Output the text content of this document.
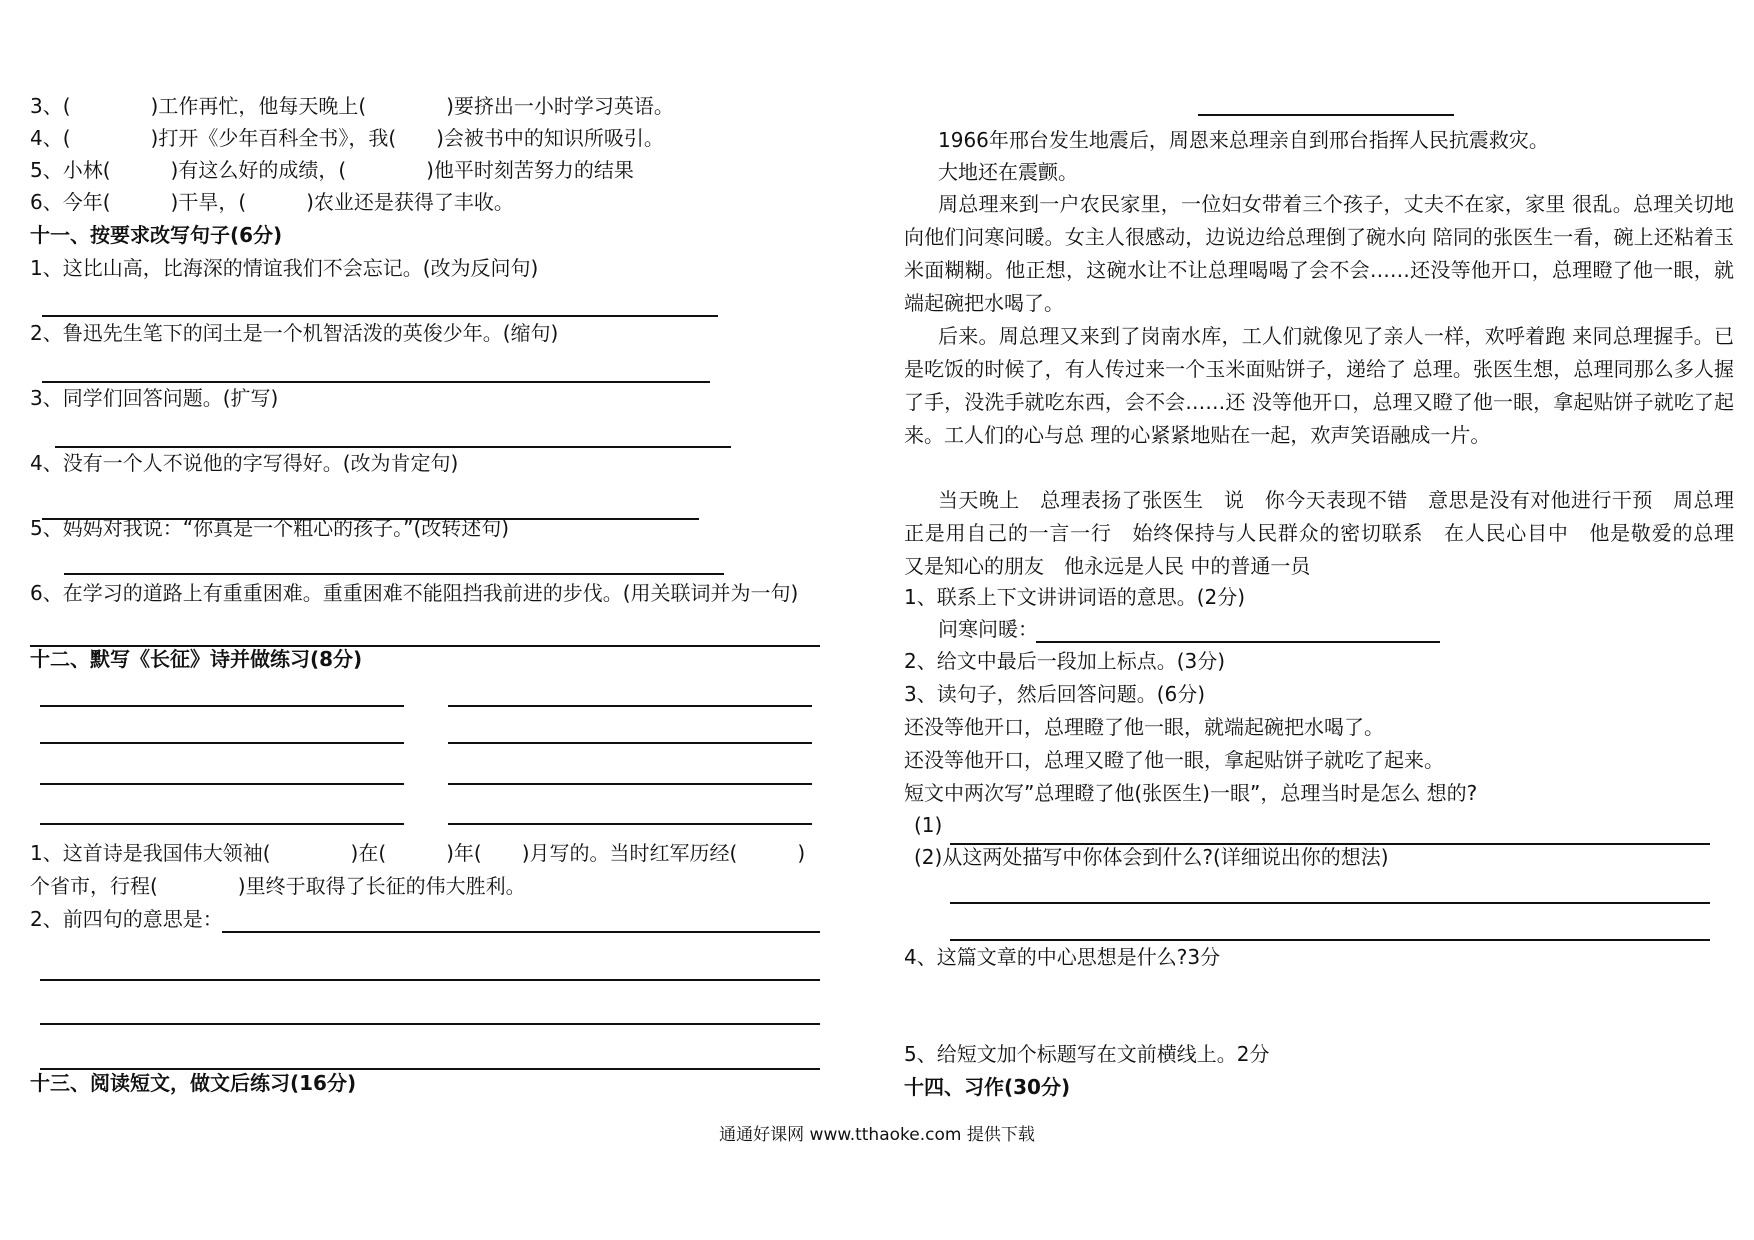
3、(　　　　)工作再忙，他每天晚上(　　　　)要挤出一小时学习英语。
4、(　　　　)打开《少年百科全书》，我(　　)会被书中的知识所吸引。
5、小林(　　　)有这么好的成绩，(　　　　)他平时刻苦努力的结果
6、今年(　　　)干旱，(　　　)农业还是获得了丰收。
十一、按要求改写句子(6分)
1、这比山高，比海深的情谊我们不会忘记。(改为反问句)
2、鲁迅先生笔下的闰土是一个机智活泼的英俊少年。(缩句)
3、同学们回答问题。(扩写)
4、没有一个人不说他的字写得好。(改为肯定句)
5、妈妈对我说：“你真是一个粗心的孩子。”(改转述句)
6、在学习的道路上有重重困难。重重困难不能阻挡我前进的步伐。(用关联词并为一句)
十二、默写《长征》诗并做练习(8分)
1、这首诗是我国伟大领袖(　　　　)在(　　　)年(　　)月写的。当时红军历经(　　　)
个省市，行程(　　　　)里终于取得了长征的伟大胜利。
2、前四句的意思是：
十三、阅读短文，做文后练习(16分)
1966年邢台发生地震后，周恩来总理亲自到邢台指挥人民抗震救灾。
大地还在震颤。
周总理来到一户农民家里，一位妇女带着三个孩子，丈夫不在家，家里 很乱。总理关切地向他们问寒问暖。女主人很感动，边说边给总理倒了碗水向 陪同的张医生一看，碗上还粘着玉米面糊糊。他正想，这碗水让不让总理喝喝了会不会……还没等他开口，总理瞪了他一眼，就端起碗把水喝了。
后来。周总理又来到了岗南水库，工人们就像见了亲人一样，欢呼着跑 来同总理握手。已是吃饭的时候了，有人传过来一个玉米面贴饼子，递给了 总理。张医生想，总理同那么多人握了手，没洗手就吃东西，会不会……还 没等他开口，总理又瞪了他一眼，拿起贴饼子就吃了起来。工人们的心与总 理的心紧紧地贴在一起，欢声笑语融成一片。
当天晚上　总理表扬了张医生　说　你今天表现不错　意思是没有对他进行干预　周总理正是用自己的一言一行　始终保持与人民群众的密切联系　在人民心目中　他是敬爱的总理　又是知心的朋友　他永远是人民 中的普通一员
1、联系上下文讲讲词语的意思。(2分)
问寒问暖：
2、给文中最后一段加上标点。(3分)
3、读句子，然后回答问题。(6分)
还没等他开口，总理瞪了他一眼，就端起碗把水喝了。
还没等他开口，总理又瞪了他一眼，拿起贴饼子就吃了起来。
短文中两次写”总理瞪了他(张医生)一眼”，总理当时是怎么 想的?
(1)
(2)从这两处描写中你体会到什么?(详细说出你的想法)
4、这篇文章的中心思想是什么?3分
5、给短文加个标题写在文前横线上。2分
十四、习作(30分)
通通好课网 www.tthaoke.com 提供下载
